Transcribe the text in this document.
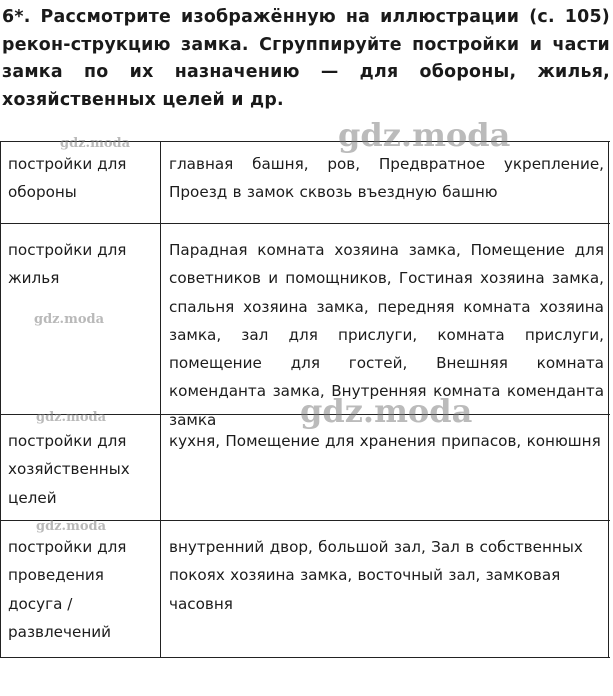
6*. Рассмотрите изображённую на иллюстрации (с. 105) рекон-струкцию замка. Сгруппируйте постройки и части замка по их назначению — для обороны, жилья, хозяйственных целей и др.

постройки для обороны
главная башня, ров, Предвратное укрепление, Проезд в замок сквозь въездную башню
постройки для жилья
Парадная комната хозяина замка, Помещение для советников и помощников, Гостиная хозяина замка, спальня хозяина замка, передняя комната хозяина замка, зал для прислуги, комната прислуги, помещение для гостей, Внешняя комната коменданта замка, Внутренняя комната коменданта замка
постройки для хозяйственных целей
кухня, Помещение для хранения припасов, конюшня
постройки для проведения досуга / развлечений
внутренний двор, большой зал, Зал в собственных покоях хозяина замка, восточный зал, замковая часовня
gdz.moda
gdz.moda
gdz.moda
gdz.moda
gdz.moda
gdz.moda
